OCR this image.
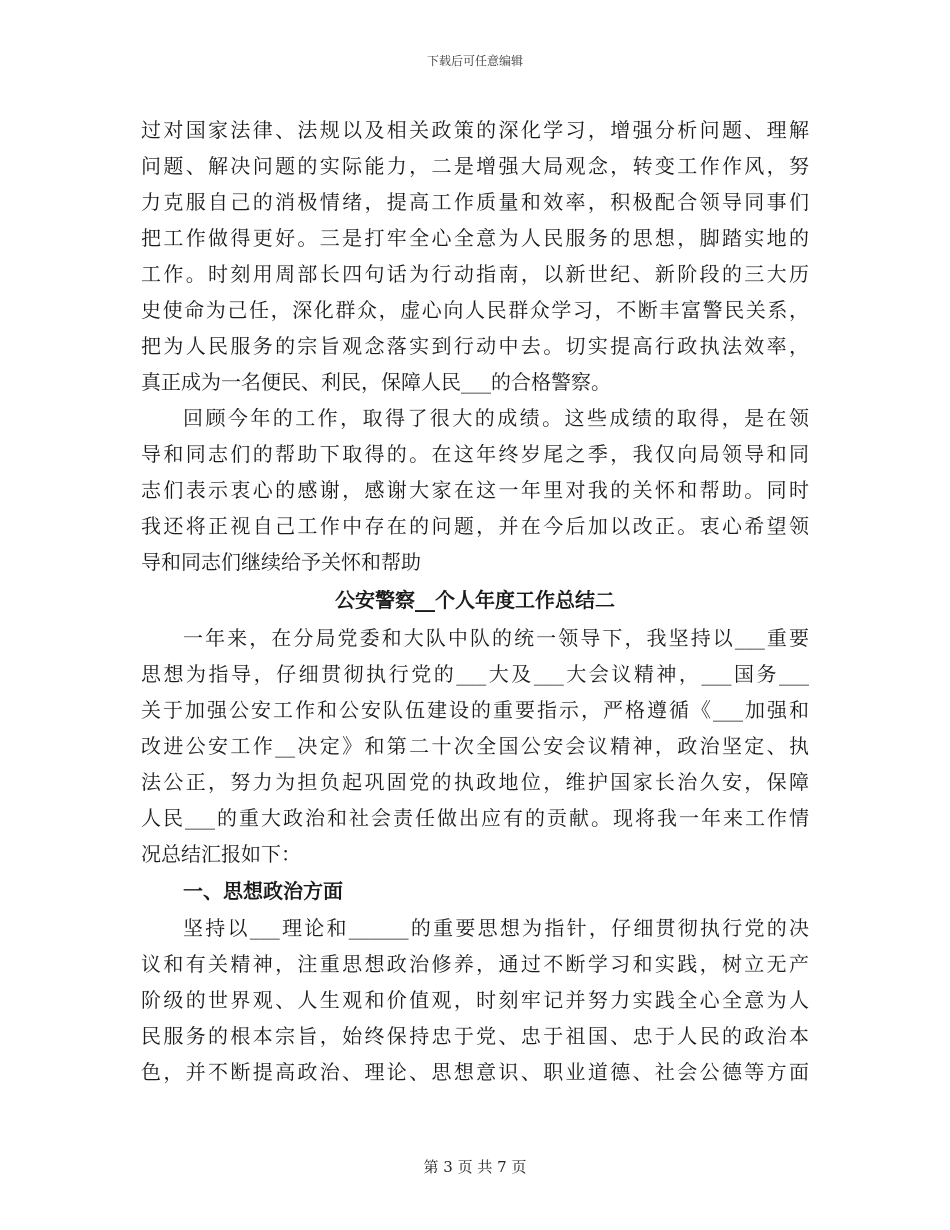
下载后可任意编辑
过对国家法律、法规以及相关政策的深化学习，增强分析问题、理解
问题、解决问题的实际能力，二是增强大局观念，转变工作作风，努
力克服自己的消极情绪，提高工作质量和效率，积极配合领导同事们
把工作做得更好。三是打牢全心全意为人民服务的思想，脚踏实地的
工作。时刻用周部长四句话为行动指南，以新世纪、新阶段的三大历
史使命为己任，深化群众，虚心向人民群众学习，不断丰富警民关系，
把为人民服务的宗旨观念落实到行动中去。切实提高行政执法效率，
真正成为一名便民、利民，保障人民___的合格警察。
回顾今年的工作，取得了很大的成绩。这些成绩的取得，是在领
导和同志们的帮助下取得的。在这年终岁尾之季，我仅向局领导和同
志们表示衷心的感谢，感谢大家在这一年里对我的关怀和帮助。同时
我还将正视自己工作中存在的问题，并在今后加以改正。衷心希望领
导和同志们继续给予关怀和帮助
公安警察__个人年度工作总结二
一年来，在分局党委和大队中队的统一领导下，我坚持以___重要
思想为指导，仔细贯彻执行党的___大及___大会议精神，___国务___
关于加强公安工作和公安队伍建设的重要指示，严格遵循《___加强和
改进公安工作__决定》和第二十次全国公安会议精神，政治坚定、执
法公正，努力为担负起巩固党的执政地位，维护国家长治久安，保障
人民___的重大政治和社会责任做出应有的贡献。现将我一年来工作情
况总结汇报如下：
一、思想政治方面
坚持以___理论和______的重要思想为指针，仔细贯彻执行党的决
议和有关精神，注重思想政治修养，通过不断学习和实践，树立无产
阶级的世界观、人生观和价值观，时刻牢记并努力实践全心全意为人
民服务的根本宗旨，始终保持忠于党、忠于祖国、忠于人民的政治本
色，并不断提高政治、理论、思想意识、职业道德、社会公德等方面
第 3 页 共 7 页
